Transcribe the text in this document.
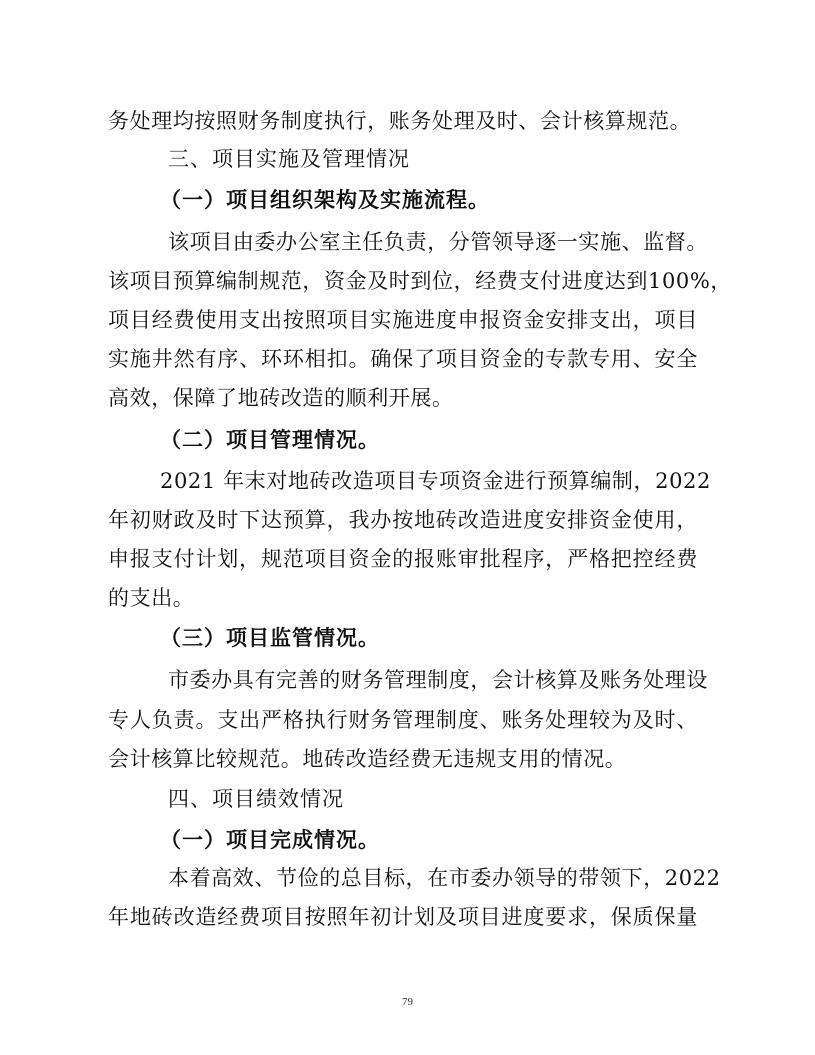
务处理均按照财务制度执行，账务处理及时、会计核算规范。
三、项目实施及管理情况
（一）项目组织架构及实施流程。
该项目由委办公室主任负责，分管领导逐一实施、监督。
该项目预算编制规范，资金及时到位，经费支付进度达到100%，
项目经费使用支出按照项目实施进度申报资金安排支出，项目
实施井然有序、环环相扣。确保了项目资金的专款专用、安全
高效，保障了地砖改造的顺利开展。
（二）项目管理情况。
2021 年末对地砖改造项目专项资金进行预算编制，2022
年初财政及时下达预算，我办按地砖改造进度安排资金使用，
申报支付计划，规范项目资金的报账审批程序，严格把控经费
的支出。
（三）项目监管情况。
市委办具有完善的财务管理制度，会计核算及账务处理设
专人负责。支出严格执行财务管理制度、账务处理较为及时、
会计核算比较规范。地砖改造经费无违规支用的情况。
四、项目绩效情况
（一）项目完成情况。
本着高效、节俭的总目标，在市委办领导的带领下，2022
年地砖改造经费项目按照年初计划及项目进度要求，保质保量
79
